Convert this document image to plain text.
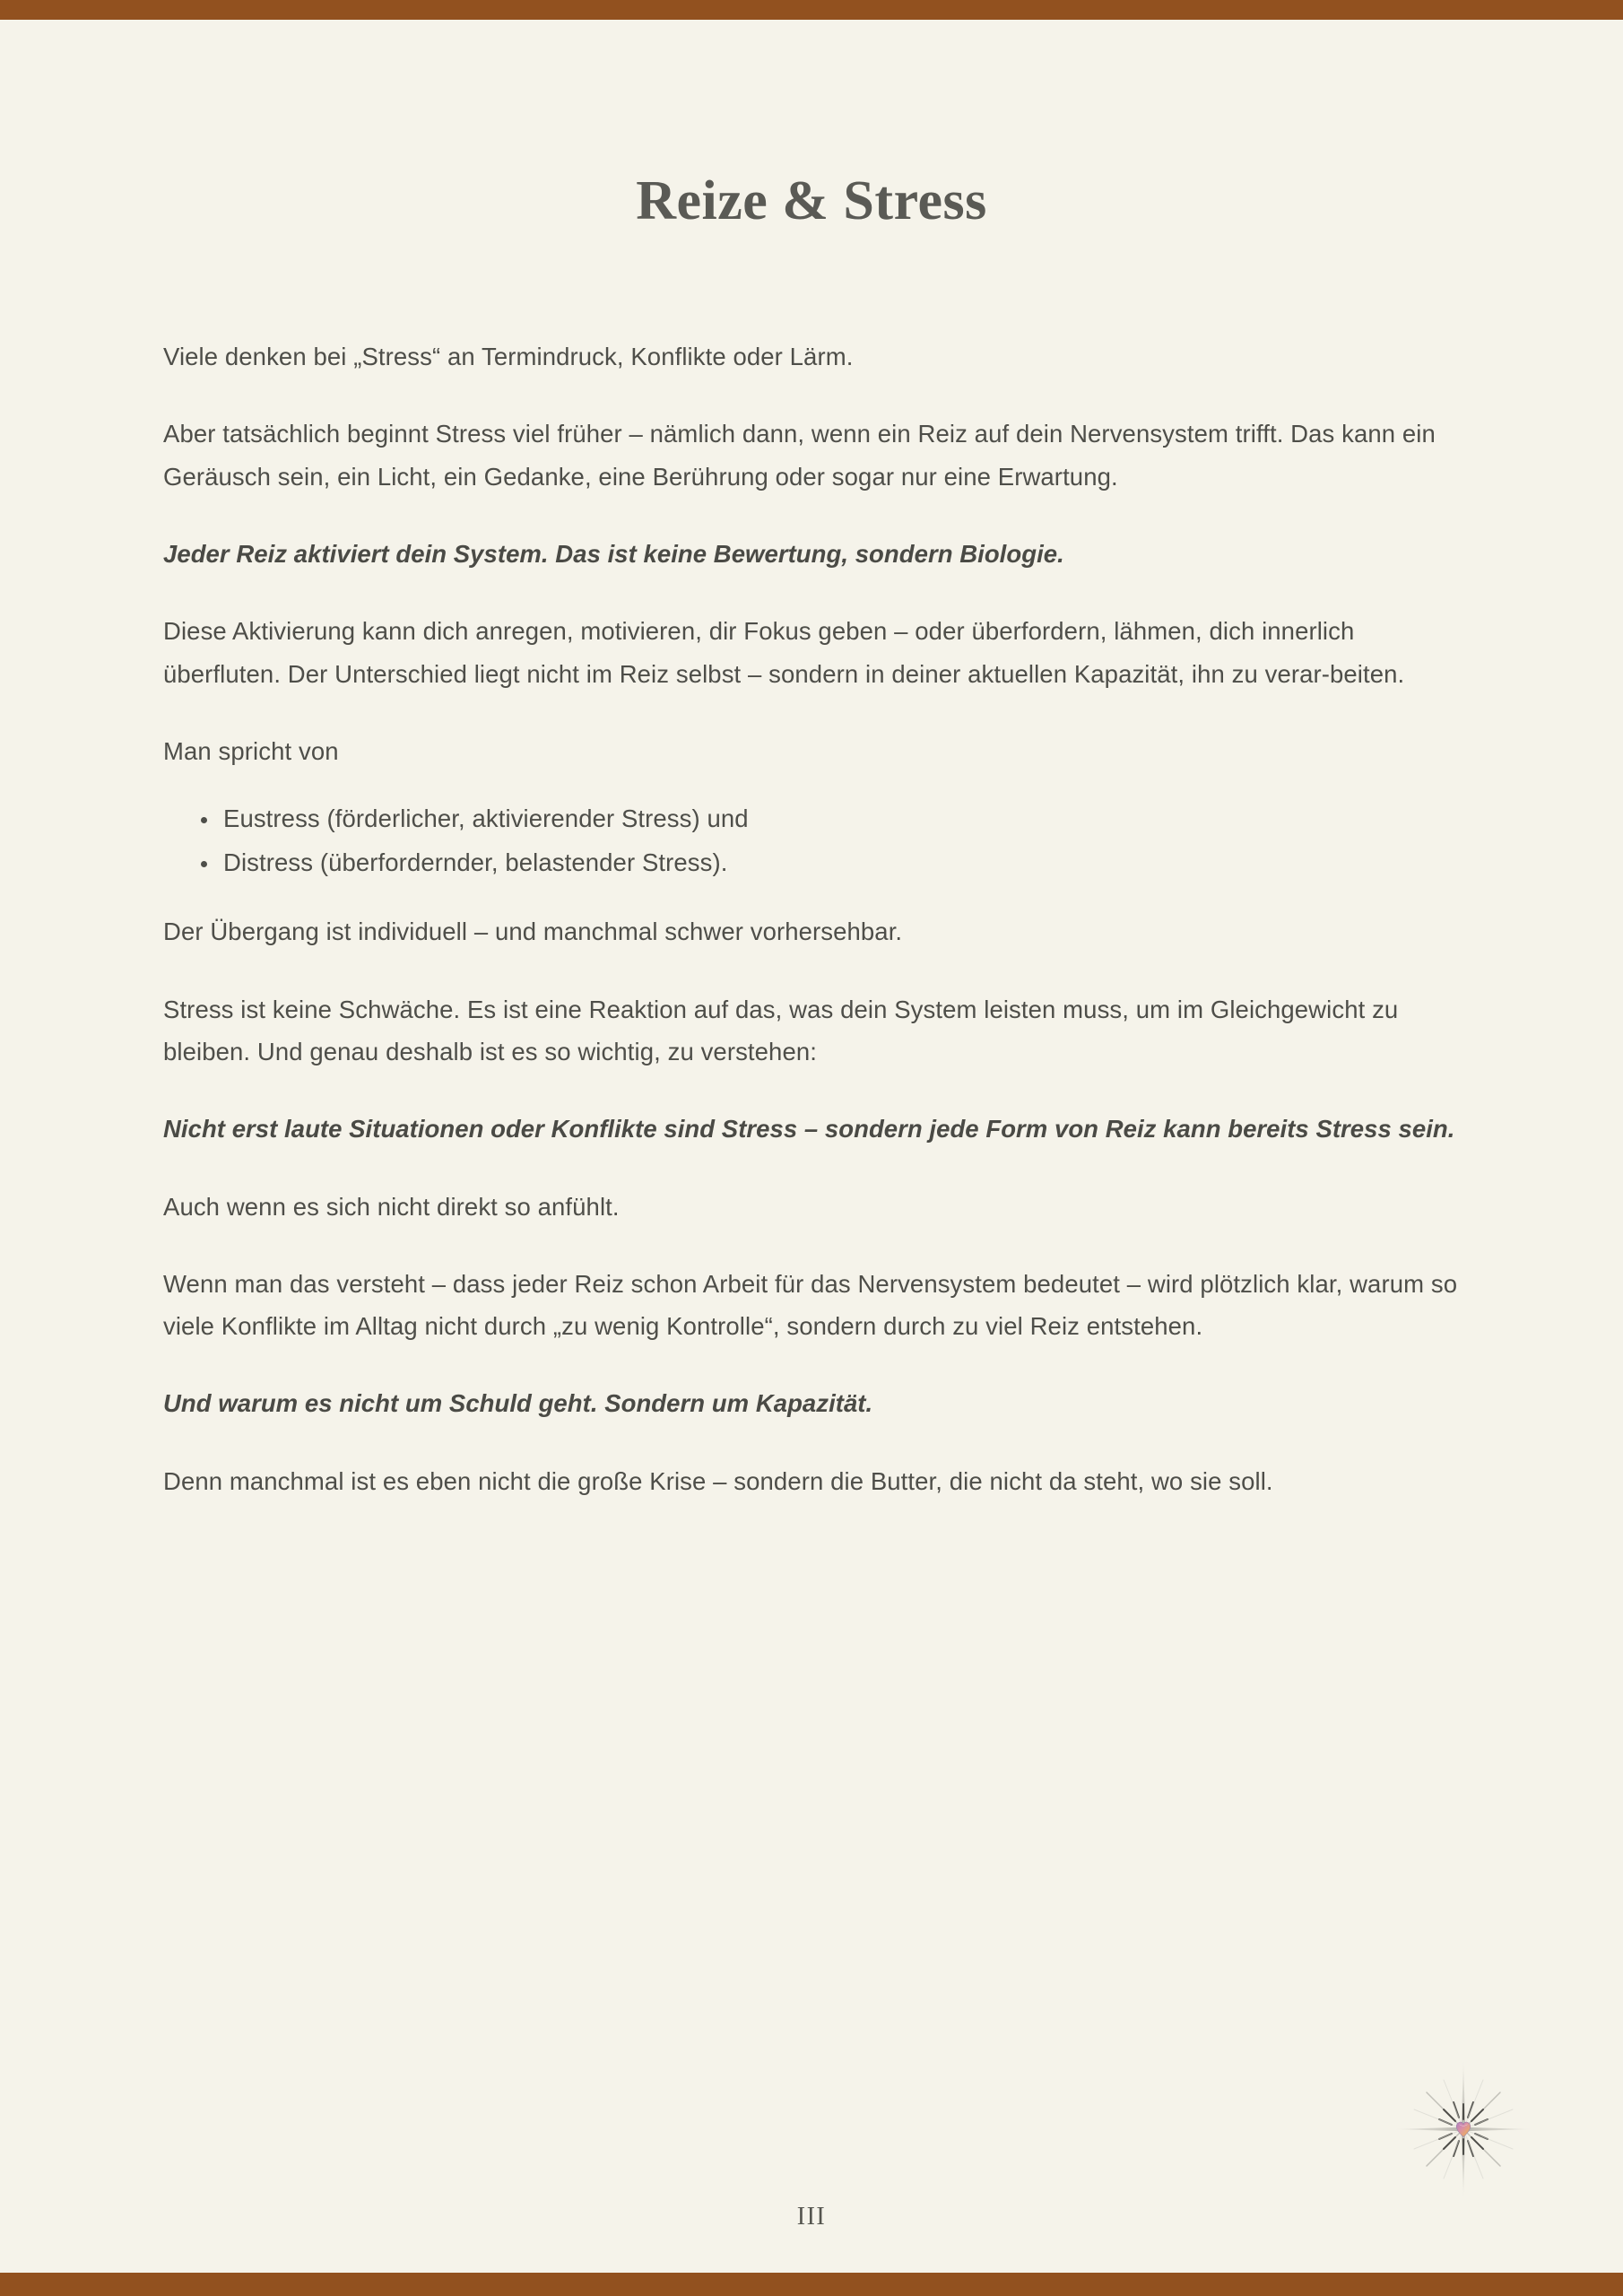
Reize & Stress

Viele denken bei „Stress“ an Termindruck, Konflikte oder Lärm.

Aber tatsächlich beginnt Stress viel früher – nämlich dann, wenn ein Reiz auf dein Nervensystem trifft. Das kann ein Geräusch sein, ein Licht, ein Gedanke, eine Berührung oder sogar nur eine Erwartung.

Jeder Reiz aktiviert dein System. Das ist keine Bewertung, sondern Biologie.

Diese Aktivierung kann dich anregen, motivieren, dir Fokus geben – oder überfordern, lähmen, dich innerlich überfluten. Der Unterschied liegt nicht im Reiz selbst – sondern in deiner aktuellen Kapazität, ihn zu verar-beiten.

Man spricht von

Eustress (förderlicher, aktivierender Stress) und
Distress (überfordernder, belastender Stress).

Der Übergang ist individuell – und manchmal schwer vorhersehbar.

Stress ist keine Schwäche. Es ist eine Reaktion auf das, was dein System leisten muss, um im Gleichgewicht zu bleiben. Und genau deshalb ist es so wichtig, zu verstehen:

Nicht erst laute Situationen oder Konflikte sind Stress – sondern jede Form von Reiz kann bereits Stress sein.

Auch wenn es sich nicht direkt so anfühlt.

Wenn man das versteht – dass jeder Reiz schon Arbeit für das Nervensystem bedeutet – wird plötzlich klar, warum so viele Konflikte im Alltag nicht durch „zu wenig Kontrolle“, sondern durch zu viel Reiz entstehen.

Und warum es nicht um Schuld geht. Sondern um Kapazität.

Denn manchmal ist es eben nicht die große Krise – sondern die Butter, die nicht da steht, wo sie soll.

III
